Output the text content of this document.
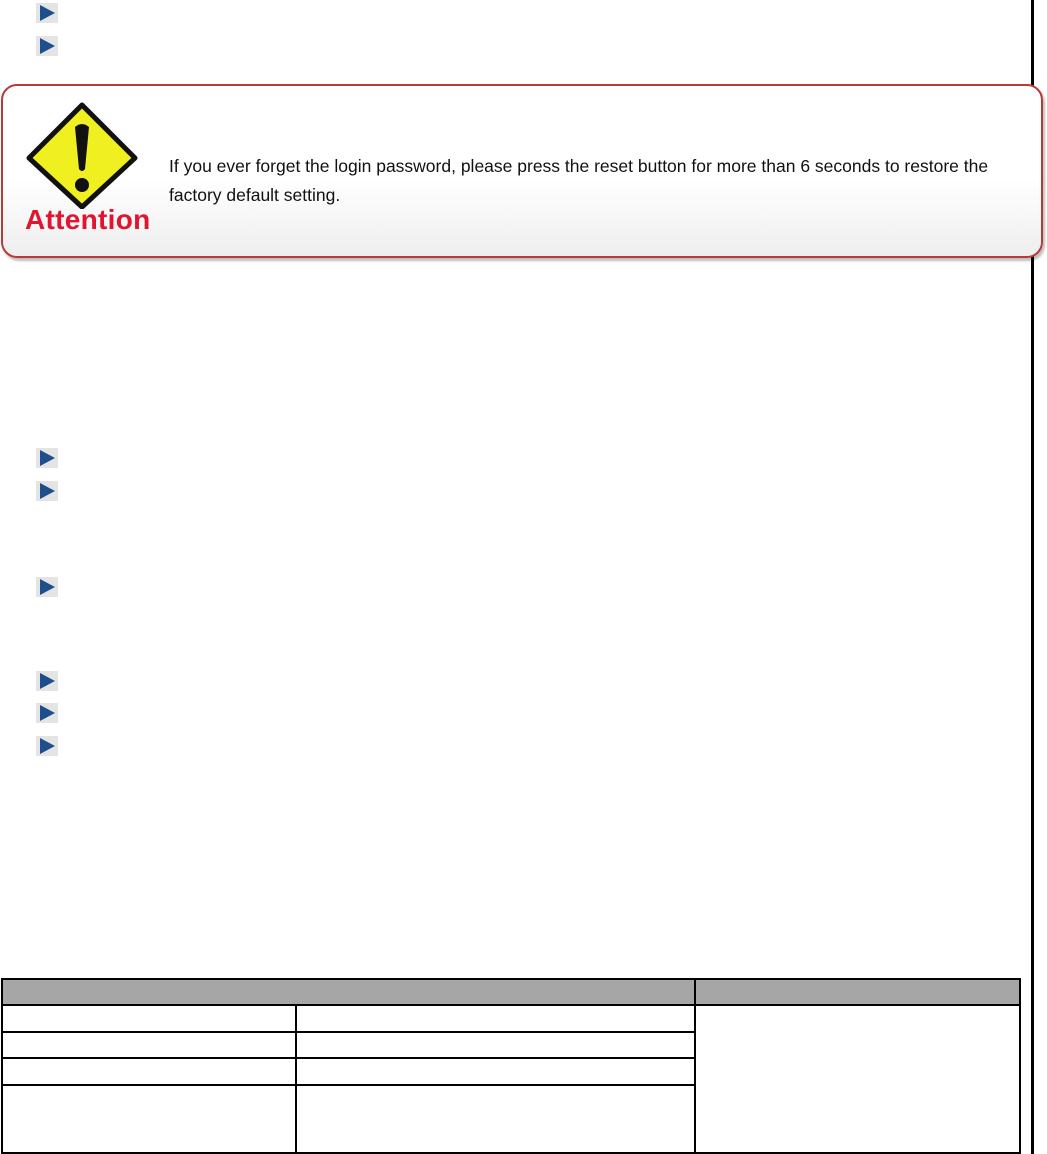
Attention
If you ever forget the login password, please press the reset button for more than 6 seconds to restore the factory default setting.
